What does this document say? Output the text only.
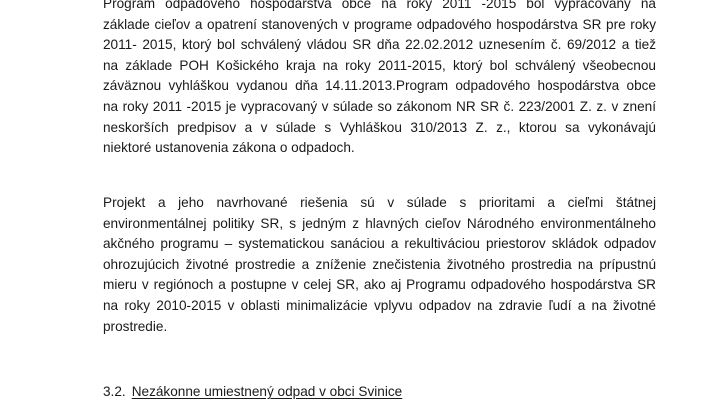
Program odpadového hospodárstva obce na roky 2011 -2015 bol vypracovaný na
základe cieľov a opatrení stanovených v programe odpadového hospodárstva SR pre roky
2011- 2015, ktorý bol schválený vládou SR dňa 22.02.2012 uznesením č. 69/2012 a tiež
na základe POH Košického kraja na roky 2011-2015, ktorý bol schválený všeobecnou
záväznou vyhláškou vydanou dňa 14.11.2013.Program odpadového hospodárstva obce
na roky 2011 -2015 je vypracovaný v súlade so zákonom NR SR č. 223/2001 Z. z. v znení
neskorších predpisov a v súlade s Vyhláškou 310/2013 Z. z., ktorou sa vykonávajú
niektoré ustanovenia zákona o odpadoch.

Projekt a jeho navrhované riešenia sú v súlade s prioritami a cieľmi štátnej
environmentálnej politiky SR, s jedným z hlavných cieľov Národného environmentálneho
akčného programu – systematickou sanáciou a rekultiváciou priestorov skládok odpadov
ohrozujúcich životné prostredie a zníženie znečistenia životného prostredia na prípustnú
mieru v regiónoch a postupne v celej SR, ako aj Programu odpadového hospodárstva SR
na roky 2010-2015 v oblasti minimalizácie vplyvu odpadov na zdravie ľudí a na životné
prostredie.

3.2. Nezákonne umiestnený odpad v obci Svinice
